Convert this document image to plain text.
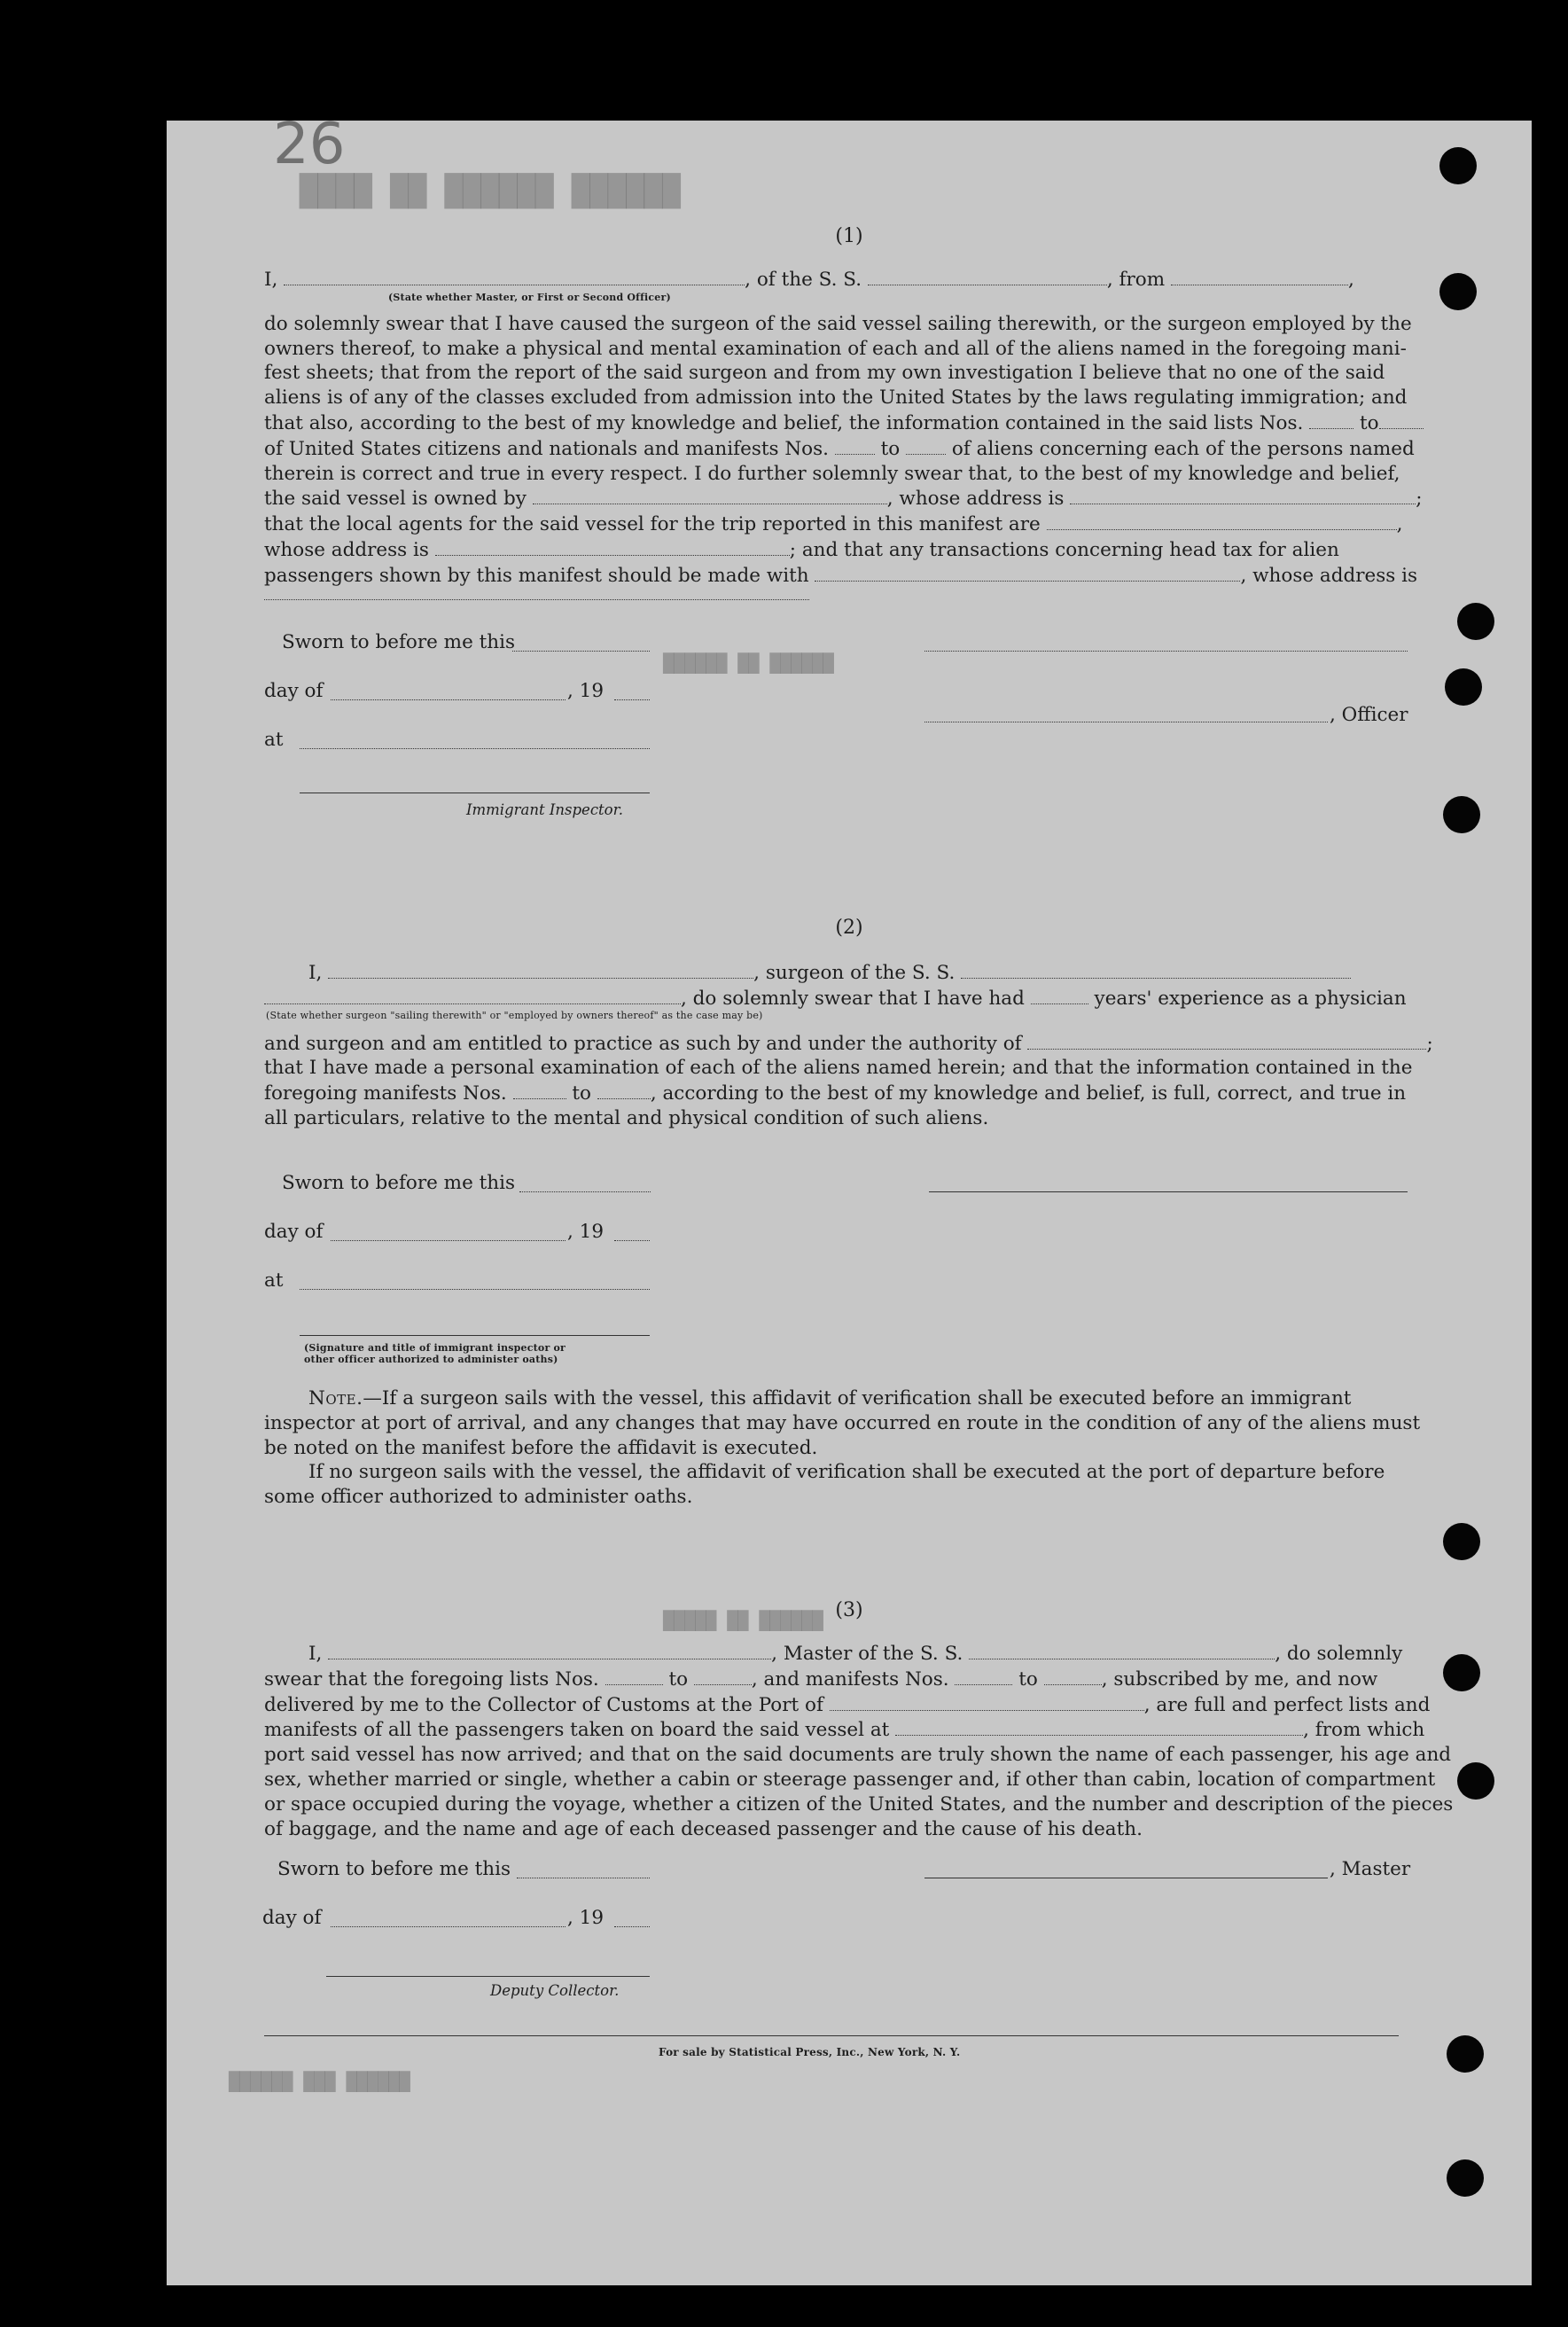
26
████ ██ ██████ ██████
██████ ██ ██████
█████ ██ ██████
██████ ███ ██████
(1)
I,	, of the S. S.	, from	,
do solemnly swear that I have caused the surgeon of the said vessel sailing therewith, or the surgeon employed by the
owners thereof, to make a physical and mental examination of each and all of the aliens named in the foregoing mani-
fest sheets; that from the report of the said surgeon and from my own investigation I believe that no one of the said
aliens is of any of the classes excluded from admission into the United States by the laws regulating immigration; and
that also, according to the best of my knowledge and belief, the information contained in the said lists Nos.  to
of United States citizens and nationals and manifests Nos.  to  of aliens concerning each of the persons named
therein is correct and true in every respect. I do further solemnly swear that, to the best of my knowledge and belief,
the said vessel is owned by	, whose address is	;
that the local agents for the said vessel for the trip reported in this manifest are	,
whose address is	; and that any transactions concerning head tax for alien
passengers shown by this manifest should be made with	, whose address is
(State whether Master, or First or Second Officer)
Sworn to before me this
day of	, 19
, Officer
at
Immigrant Inspector.
(2)
I,	, surgeon of the S. S.
, do solemnly swear that I have had	years' experience as a physician
and surgeon and am entitled to practice as such by and under the authority of	;
that I have made a personal examination of each of the aliens named herein; and that the information contained in the
foregoing manifests Nos.	to	, according to the best of my knowledge and belief, is full, correct, and true in
all particulars, relative to the mental and physical condition of such aliens.
(State whether surgeon "sailing therewith" or "employed by owners thereof" as the case may be)
Sworn to before me this
day of	, 19
at
(Signature and title of immigrant inspector or
other officer authorized to administer oaths)
Note.—If a surgeon sails with the vessel, this affidavit of verification shall be executed before an immigrant
inspector at port of arrival, and any changes that may have occurred en route in the condition of any of the aliens must
be noted on the manifest before the affidavit is executed.
If no surgeon sails with the vessel, the affidavit of verification shall be executed at the port of departure before
some officer authorized to administer oaths.
(3)
I,	, Master of the S. S.	, do solemnly
swear that the foregoing lists Nos.	to	, and manifests Nos.	to	, subscribed by me, and now
delivered by me to the Collector of Customs at the Port of	, are full and perfect lists and
manifests of all the passengers taken on board the said vessel at	, from which
port said vessel has now arrived; and that on the said documents are truly shown the name of each passenger, his age and
sex, whether married or single, whether a cabin or steerage passenger and, if other than cabin, location of compartment
or space occupied during the voyage, whether a citizen of the United States, and the number and description of the pieces
of baggage, and the name and age of each deceased passenger and the cause of his death.
Sworn to before me this	, Master
day of	, 19
Deputy Collector.
For sale by Statistical Press, Inc., New York, N. Y.
